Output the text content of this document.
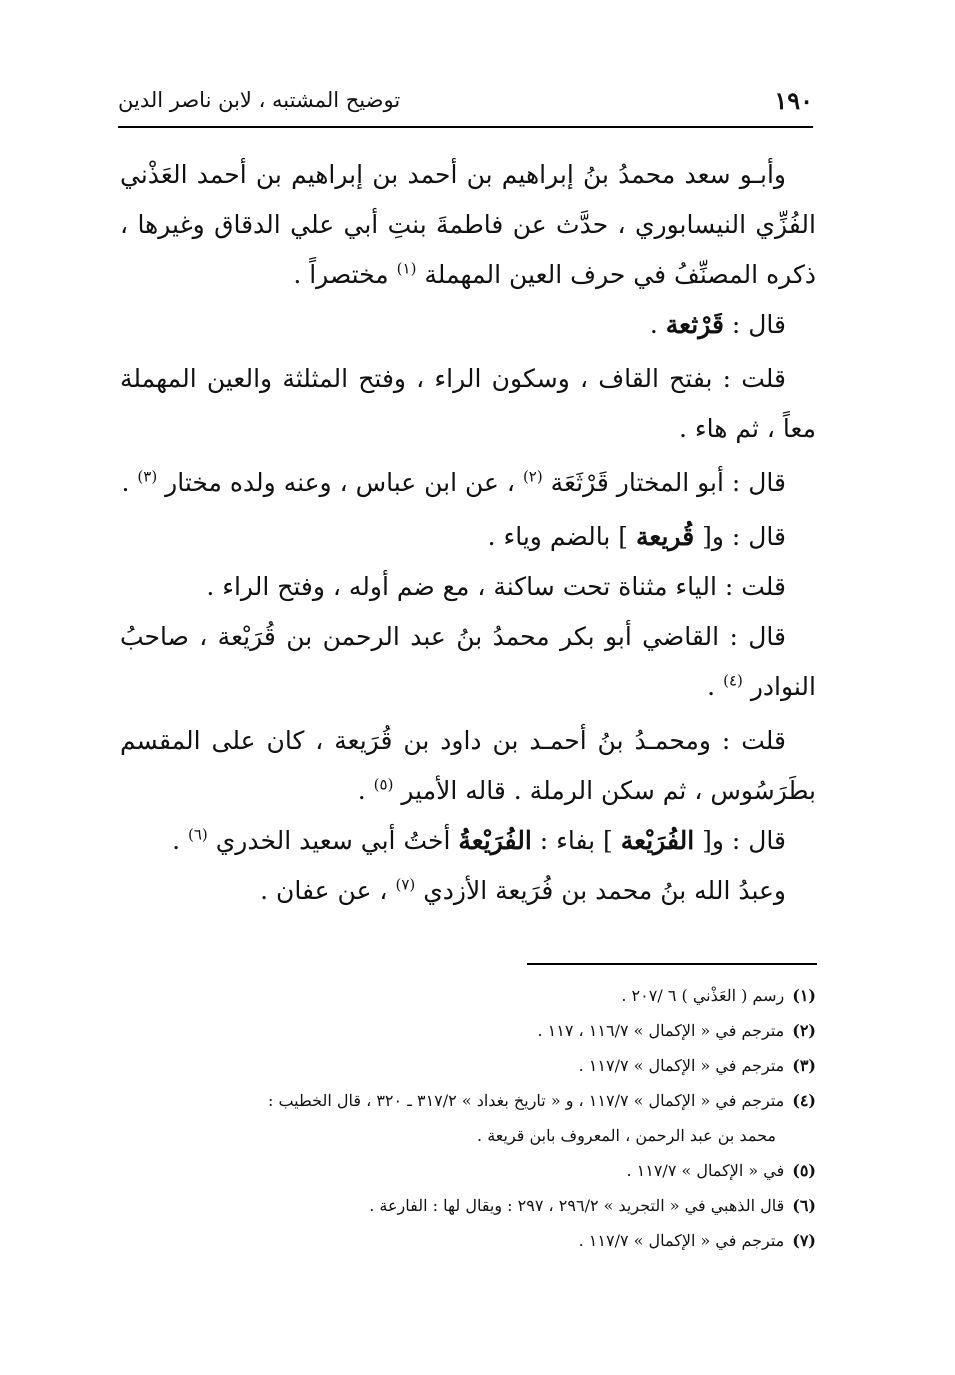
١٩٠
توضيح المشتبه ، لابن ناصر الدين

وأبـو سعد محمدُ بنُ إبراهيم بن أحمد بن إبراهيم بن أحمد العَذْني الفُزِّي النيسابوري ، حدَّث عن فاطمةَ بنتِ أبي علي الدقاق وغيرها ، ذكره المصنِّفُ في حرف العين المهملة $^{(١)}$ مختصراً .

قال : قَرْثعة .

قلت : بفتح القاف ، وسكون الراء ، وفتح المثلثة والعين المهملة معاً ، ثم هاء .

قال : أبو المختار قَرْثَعَة $^{(٢)}$ ، عن ابن عباس ، وعنه ولده مختار $^{(٣)}$ .

قال : و[ قُريعة ] بالضم وياء .

قلت : الياء مثناة تحت ساكنة ، مع ضم أوله ، وفتح الراء .

قال : القاضي أبو بكر محمدُ بنُ عبد الرحمن بن قُرَيْعة ، صاحبُ النوادر $^{(٤)}$ .

قلت : ومحمـدُ بنُ أحمـد بن داود بن قُرَيعة ، كان على المقسم بطَرَسُوس ، ثم سكن الرملة . قاله الأمير $^{(٥)}$ .

قال : و[ الفُرَيْعة ] بفاء : الفُرَيْعةُ أختُ أبي سعيد الخدري $^{(٦)}$ .

وعبدُ الله بنُ محمد بن فُرَيعة الأزدي $^{(٧)}$ ، عن عفان .

(١)رسم ( العَذْني ) ٦ /٢٠٧ .

(٢)مترجم في « الإكمال » ١١٦/٧ ، ١١٧ .

(٣)مترجم في « الإكمال » ١١٧/٧ .

(٤)مترجم في « الإكمال » ١١٧/٧ ، و « تاريخ بغداد » ٣١٧/٢ ـ ٣٢٠ ، قال الخطيب :

محمد بن عبد الرحمن ، المعروف بابن قريعة .

(٥)في « الإكمال » ١١٧/٧ .

(٦)قال الذهبي في « التجريد » ٢٩٦/٢ ، ٢٩٧ : ويقال لها : الفارعة .

(٧)مترجم في « الإكمال » ١١٧/٧ .
